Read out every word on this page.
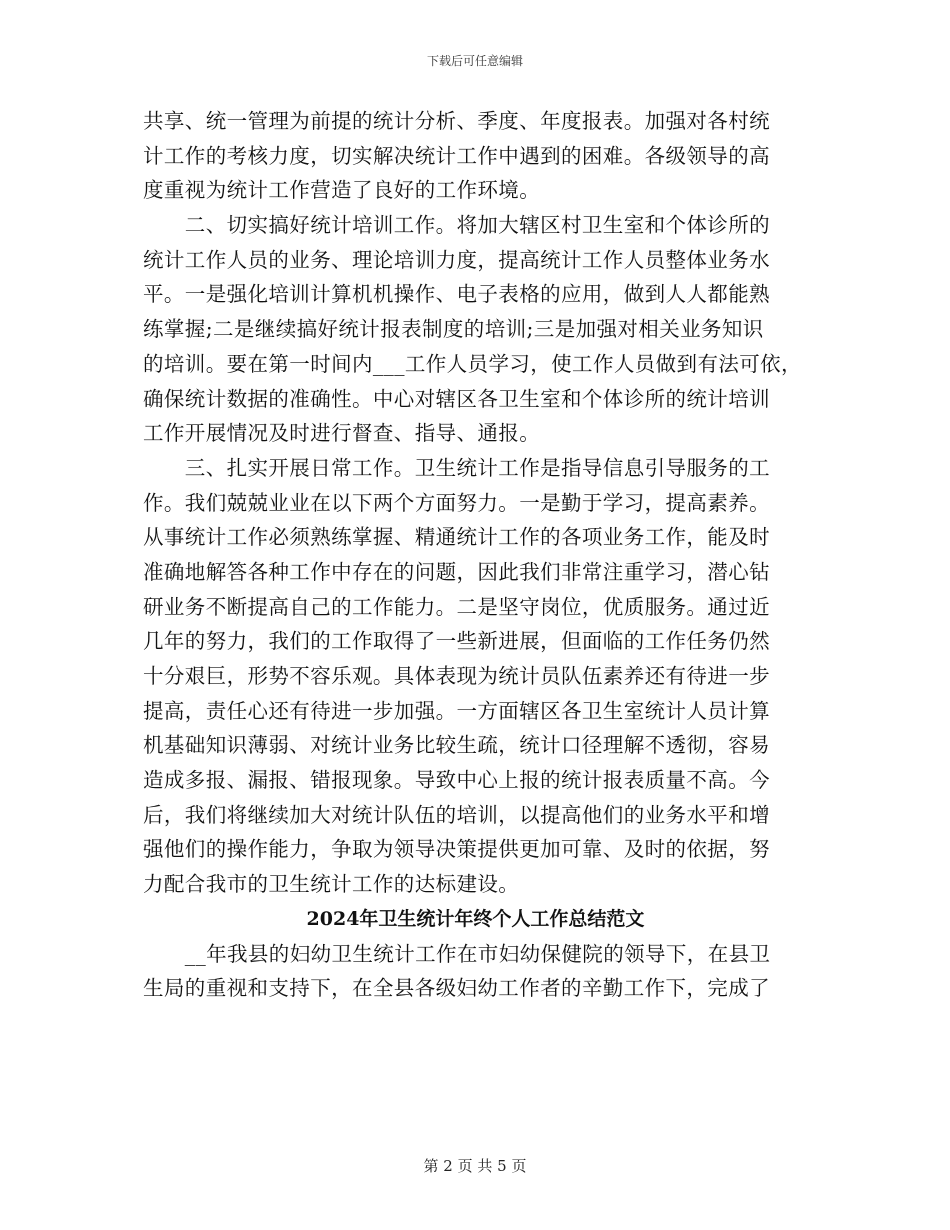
下载后可任意编辑
共享、统一管理为前提的统计分析、季度、年度报表。加强对各村统
计工作的考核力度，切实解决统计工作中遇到的困难。各级领导的高
度重视为统计工作营造了良好的工作环境。
　　二、切实搞好统计培训工作。将加大辖区村卫生室和个体诊所的
统计工作人员的业务、理论培训力度，提高统计工作人员整体业务水
平。一是强化培训计算机机操作、电子表格的应用，做到人人都能熟
练掌握;二是继续搞好统计报表制度的培训;三是加强对相关业务知识
的培训。要在第一时间内___工作人员学习，使工作人员做到有法可依，
确保统计数据的准确性。中心对辖区各卫生室和个体诊所的统计培训
工作开展情况及时进行督查、指导、通报。
　　三、扎实开展日常工作。卫生统计工作是指导信息引导服务的工
作。我们兢兢业业在以下两个方面努力。一是勤于学习，提高素养。
从事统计工作必须熟练掌握、精通统计工作的各项业务工作，能及时
准确地解答各种工作中存在的问题，因此我们非常注重学习，潜心钻
研业务不断提高自己的工作能力。二是坚守岗位，优质服务。通过近
几年的努力，我们的工作取得了一些新进展，但面临的工作任务仍然
十分艰巨，形势不容乐观。具体表现为统计员队伍素养还有待进一步
提高，责任心还有待进一步加强。一方面辖区各卫生室统计人员计算
机基础知识薄弱、对统计业务比较生疏，统计口径理解不透彻，容易
造成多报、漏报、错报现象。导致中心上报的统计报表质量不高。今
后，我们将继续加大对统计队伍的培训，以提高他们的业务水平和增
强他们的操作能力，争取为领导决策提供更加可靠、及时的依据，努
力配合我市的卫生统计工作的达标建设。
2024年卫生统计年终个人工作总结范文
　　__年我县的妇幼卫生统计工作在市妇幼保健院的领导下，在县卫
生局的重视和支持下，在全县各级妇幼工作者的辛勤工作下，完成了
第 2 页 共 5 页
